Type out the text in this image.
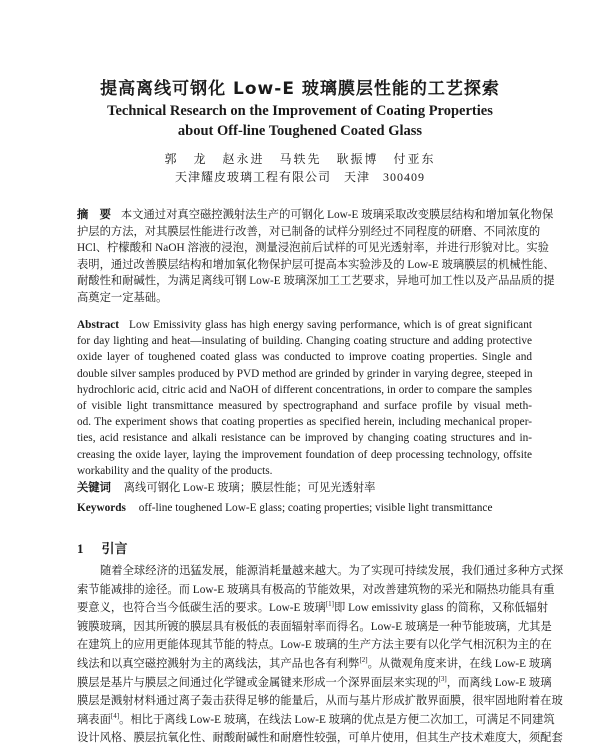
提高离线可钢化 Low-E 玻璃膜层性能的工艺探索
Technical Research on the Improvement of Coating Properties
about Off-line Toughened Coated Glass
郭 龙 赵永进 马轶先 耿振博 付亚东
天津耀皮玻璃工程有限公司　天津　300409
摘　要 本文通过对真空磁控溅射法生产的可钢化 Low-E 玻璃采取改变膜层结构和增加氧化物保
护层的方法，对其膜层性能进行改善，对已制备的试样分别经过不同程度的研磨、不同浓度的
HCl、柠檬酸和 NaOH 溶液的浸泡，测量浸泡前后试样的可见光透射率，并进行形貌对比。实验
表明，通过改善膜层结构和增加氧化物保护层可提高本实验涉及的 Low-E 玻璃膜层的机械性能、
耐酸性和耐碱性，为满足离线可钢 Low-E 玻璃深加工工艺要求，异地可加工性以及产品品质的提
高奠定一定基础。
Abstract Low Emissivity glass has high energy saving performance, which is of great significant
for day lighting and heat—insulating of building. Changing coating structure and adding protective
oxide layer of toughened coated glass was conducted to improve coating properties. Single and
double silver samples produced by PVD method are grinded by grinder in varying degree, steeped in
hydrochloric acid, citric acid and NaOH of different concentrations, in order to compare the samples
of visible light transmittance measured by spectrographand and surface profile by visual meth-
od. The experiment shows that coating properties as specified herein, including mechanical proper-
ties, acid resistance and alkali resistance can be improved by changing coating structures and in-
creasing the oxide layer, laying the improvement foundation of deep processing technology, offsite
workability and the quality of the products.
关键词 离线可钢化 Low-E 玻璃；膜层性能；可见光透射率
Keywords off-line toughened Low-E glass; coating properties; visible light transmittance
1 引言
随着全球经济的迅猛发展，能源消耗量越来越大。为了实现可持续发展，我们通过多种方式探
索节能减排的途径。而 Low-E 玻璃具有极高的节能效果，对改善建筑物的采光和隔热功能具有重
要意义，也符合当今低碳生活的要求。Low-E 玻璃[1]即 Low emissivity glass 的简称，又称低辐射
镀膜玻璃，因其所镀的膜层具有极低的表面辐射率而得名。Low-E 玻璃是一种节能玻璃，尤其是
在建筑上的应用更能体现其节能的特点。Low-E 玻璃的生产方法主要有以化学气相沉积为主的在
线法和以真空磁控溅射为主的离线法，其产品也各有利弊[2]。从微观角度来讲，在线 Low-E 玻璃
膜层是基片与膜层之间通过化学键或金属键来形成一个深界面层来实现的[3]，而离线 Low-E 玻璃
膜层是溅射材料通过离子轰击获得足够的能量后，从而与基片形成扩散界面膜，很牢固地附着在玻
璃表面[4]。相比于离线 Low-E 玻璃，在线法 Low-E 玻璃的优点是方便二次加工，可满足不同建筑
设计风格、膜层抗氧化性、耐酸耐碱性和耐磨性较强，可单片使用，但其生产技术难度大，须配套
